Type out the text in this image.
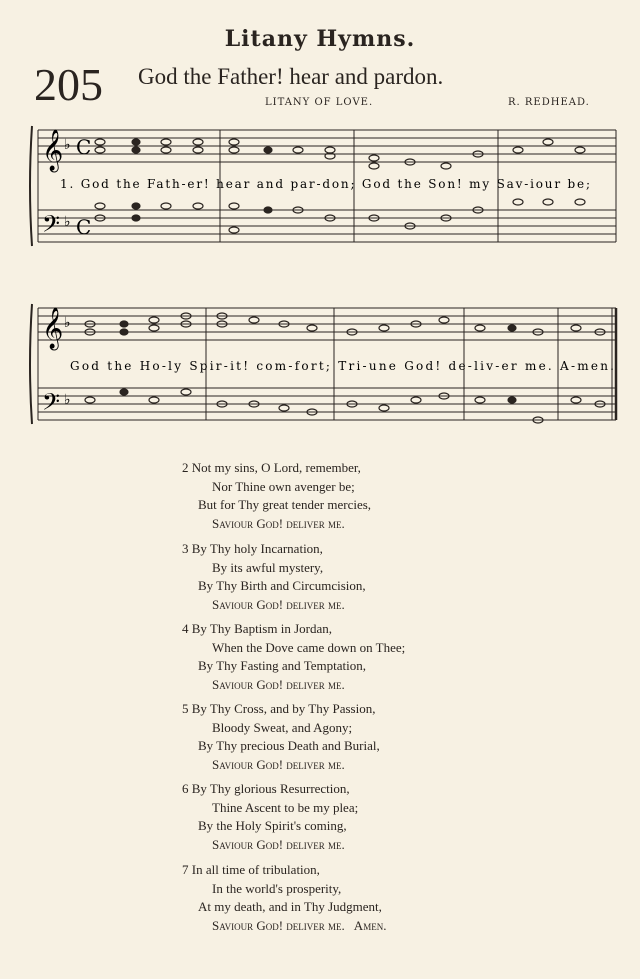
Litany Hymns.
205 God the Father! hear and pardon.
LITANY OF LOVE.	R. REDHEAD.
𝄞
𝄢
♭
♭
C
C
1. God the Fath-er! hear and par-don; God the Son! my Sav-iour be;
𝄞
𝄢
♭
♭
God the Ho-ly Spir-it! com-fort; Tri-une God! de-liv-er me. A-men.
2 Not my sins, O Lord, remember,
Nor Thine own avenger be;
But for Thy great tender mercies,
Saviour God! deliver me.
3 By Thy holy Incarnation,
By its awful mystery,
By Thy Birth and Circumcision,
Saviour God! deliver me.
4 By Thy Baptism in Jordan,
When the Dove came down on Thee;
By Thy Fasting and Temptation,
Saviour God! deliver me.
5 By Thy Cross, and by Thy Passion,
Bloody Sweat, and Agony;
By Thy precious Death and Burial,
Saviour God! deliver me.
6 By Thy glorious Resurrection,
Thine Ascent to be my plea;
By the Holy Spirit's coming,
Saviour God! deliver me.
7 In all time of tribulation,
In the world's prosperity,
At my death, and in Thy Judgment,
Saviour God! deliver me.   Amen.
